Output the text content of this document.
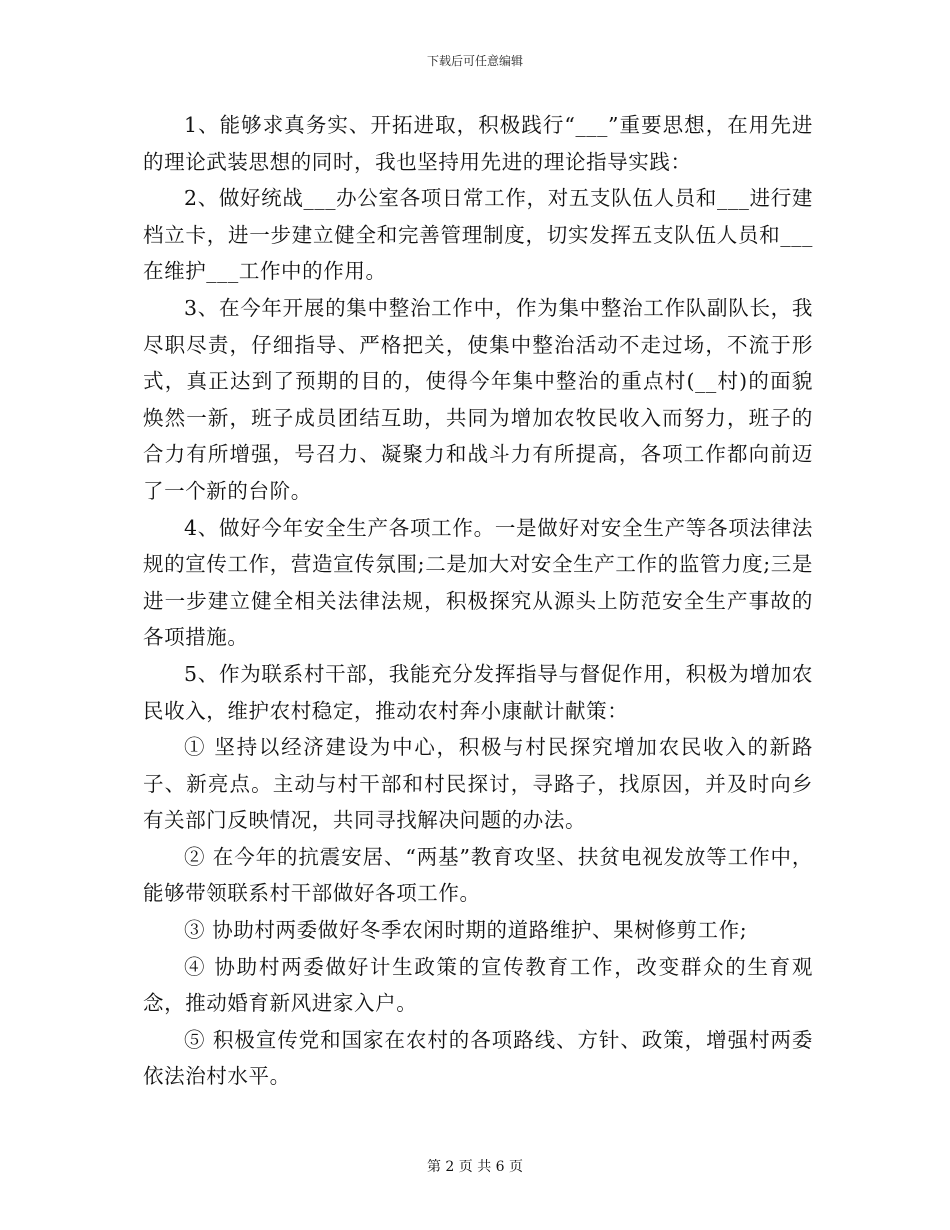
下载后可任意编辑

1、能够求真务实、开拓进取，积极践行“___”重要思想，在用先进的理论武装思想的同时，我也坚持用先进的理论指导实践：

2、做好统战___办公室各项日常工作，对五支队伍人员和___进行建档立卡，进一步建立健全和完善管理制度，切实发挥五支队伍人员和___在维护___工作中的作用。

3、在今年开展的集中整治工作中，作为集中整治工作队副队长，我尽职尽责，仔细指导、严格把关，使集中整治活动不走过场，不流于形式，真正达到了预期的目的，使得今年集中整治的重点村(__村)的面貌焕然一新，班子成员团结互助，共同为增加农牧民收入而努力，班子的合力有所增强，号召力、凝聚力和战斗力有所提高，各项工作都向前迈了一个新的台阶。

4、做好今年安全生产各项工作。一是做好对安全生产等各项法律法规的宣传工作，营造宣传氛围;二是加大对安全生产工作的监管力度;三是进一步建立健全相关法律法规，积极探究从源头上防范安全生产事故的各项措施。

5、作为联系村干部，我能充分发挥指导与督促作用，积极为增加农民收入，维护农村稳定，推动农村奔小康献计献策：

① 坚持以经济建设为中心，积极与村民探究增加农民收入的新路子、新亮点。主动与村干部和村民探讨，寻路子，找原因，并及时向乡有关部门反映情况，共同寻找解决问题的办法。

② 在今年的抗震安居、“两基”教育攻坚、扶贫电视发放等工作中，能够带领联系村干部做好各项工作。

③ 协助村两委做好冬季农闲时期的道路维护、果树修剪工作;

④ 协助村两委做好计生政策的宣传教育工作，改变群众的生育观念，推动婚育新风进家入户。

⑤ 积极宣传党和国家在农村的各项路线、方针、政策，增强村两委依法治村水平。

第 2 页 共 6 页
